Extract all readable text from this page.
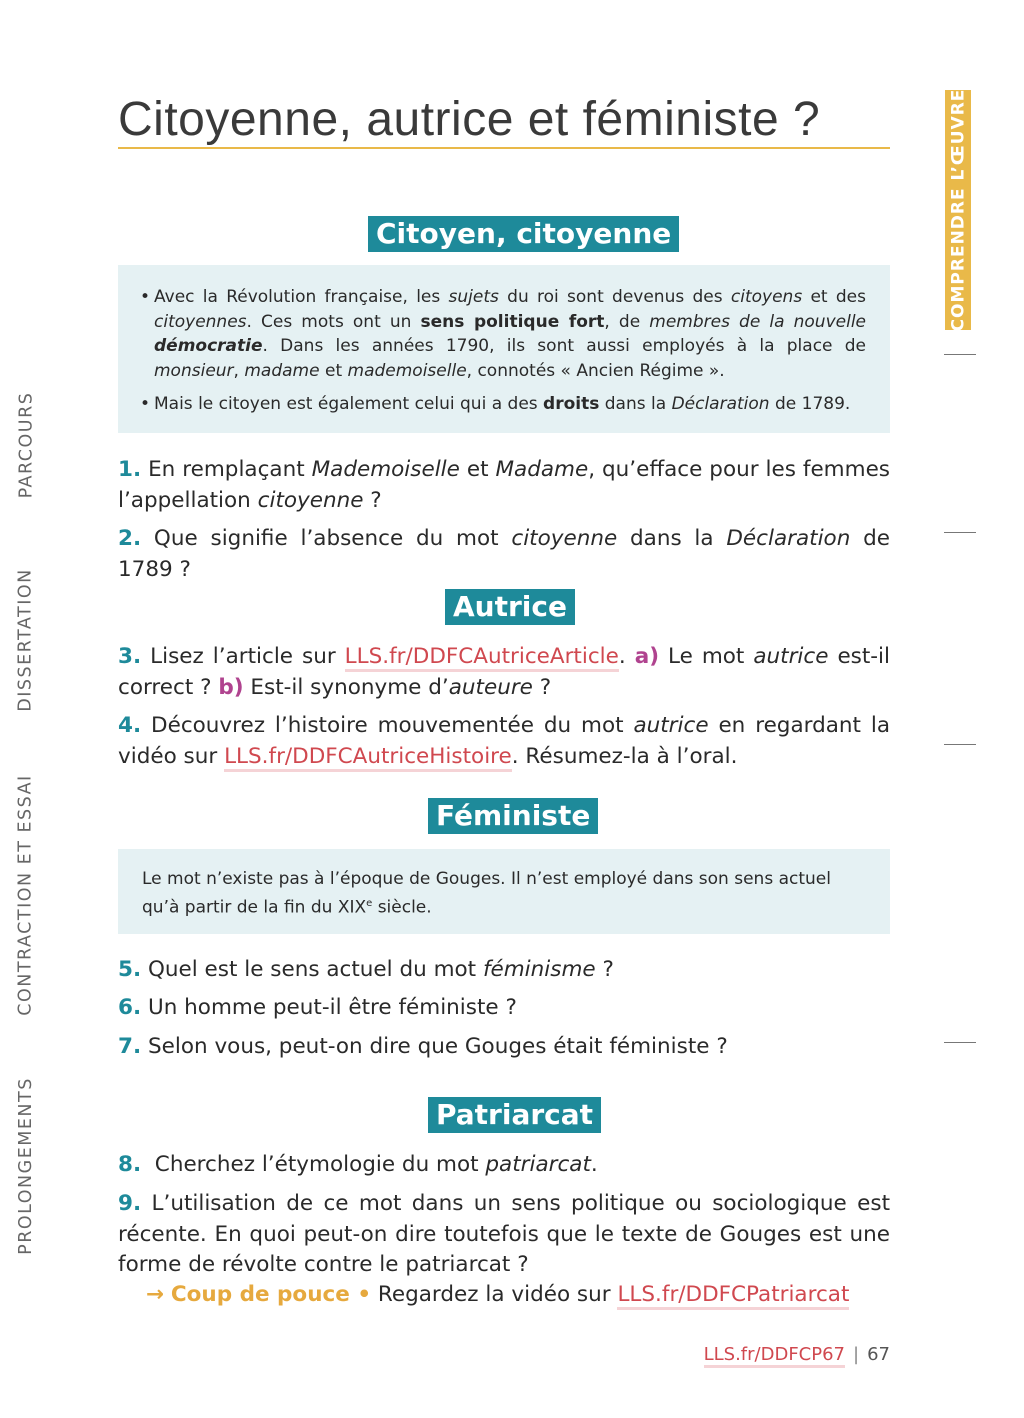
Citoyenne, autrice et féministe ?
Citoyen, citoyenne
• Avec la Révolution française, les sujets du roi sont devenus des citoyens et des citoyennes. Ces mots ont un sens politique fort, de membres de la nouvelle démocratie. Dans les années 1790, ils sont aussi employés à la place de monsieur, madame et mademoiselle, connotés « Ancien Régime ».
• Mais le citoyen est également celui qui a des droits dans la Déclaration de 1789.
1. En remplaçant Mademoiselle et Madame, qu’efface pour les femmes l’appellation citoyenne ?
2. Que signifie l’absence du mot citoyenne dans la Déclaration de 1789 ?
Autrice
3. Lisez l’article sur LLS.fr/DDFCAutriceArticle. a) Le mot autrice est-il correct ? b) Est-il synonyme d’auteure ?
4. Découvrez l’histoire mouvementée du mot autrice en regardant la vidéo sur LLS.fr/DDFCAutriceHistoire. Résumez-la à l’oral.
Féministe
Le mot n’existe pas à l’époque de Gouges. Il n’est employé dans son sens actuel qu’à partir de la fin du XIXe siècle.
5. Quel est le sens actuel du mot féminisme ?
6. Un homme peut-il être féministe ?
7. Selon vous, peut-on dire que Gouges était féministe ?
Patriarcat
8.  Cherchez l’étymologie du mot patriarcat.
9. L’utilisation de ce mot dans un sens politique ou sociologique est récente. En quoi peut-on dire toutefois que le texte de Gouges est une forme de révolte contre le patriarcat ?
→ Coup de pouce • Regardez la vidéo sur LLS.fr/DDFCPatriarcat
LLS.fr/DDFCP67 | 67
COMPRENDRE L’ŒUVRE
PARCOURS
DISSERTATION
CONTRACTION ET ESSAI
PROLONGEMENTS
